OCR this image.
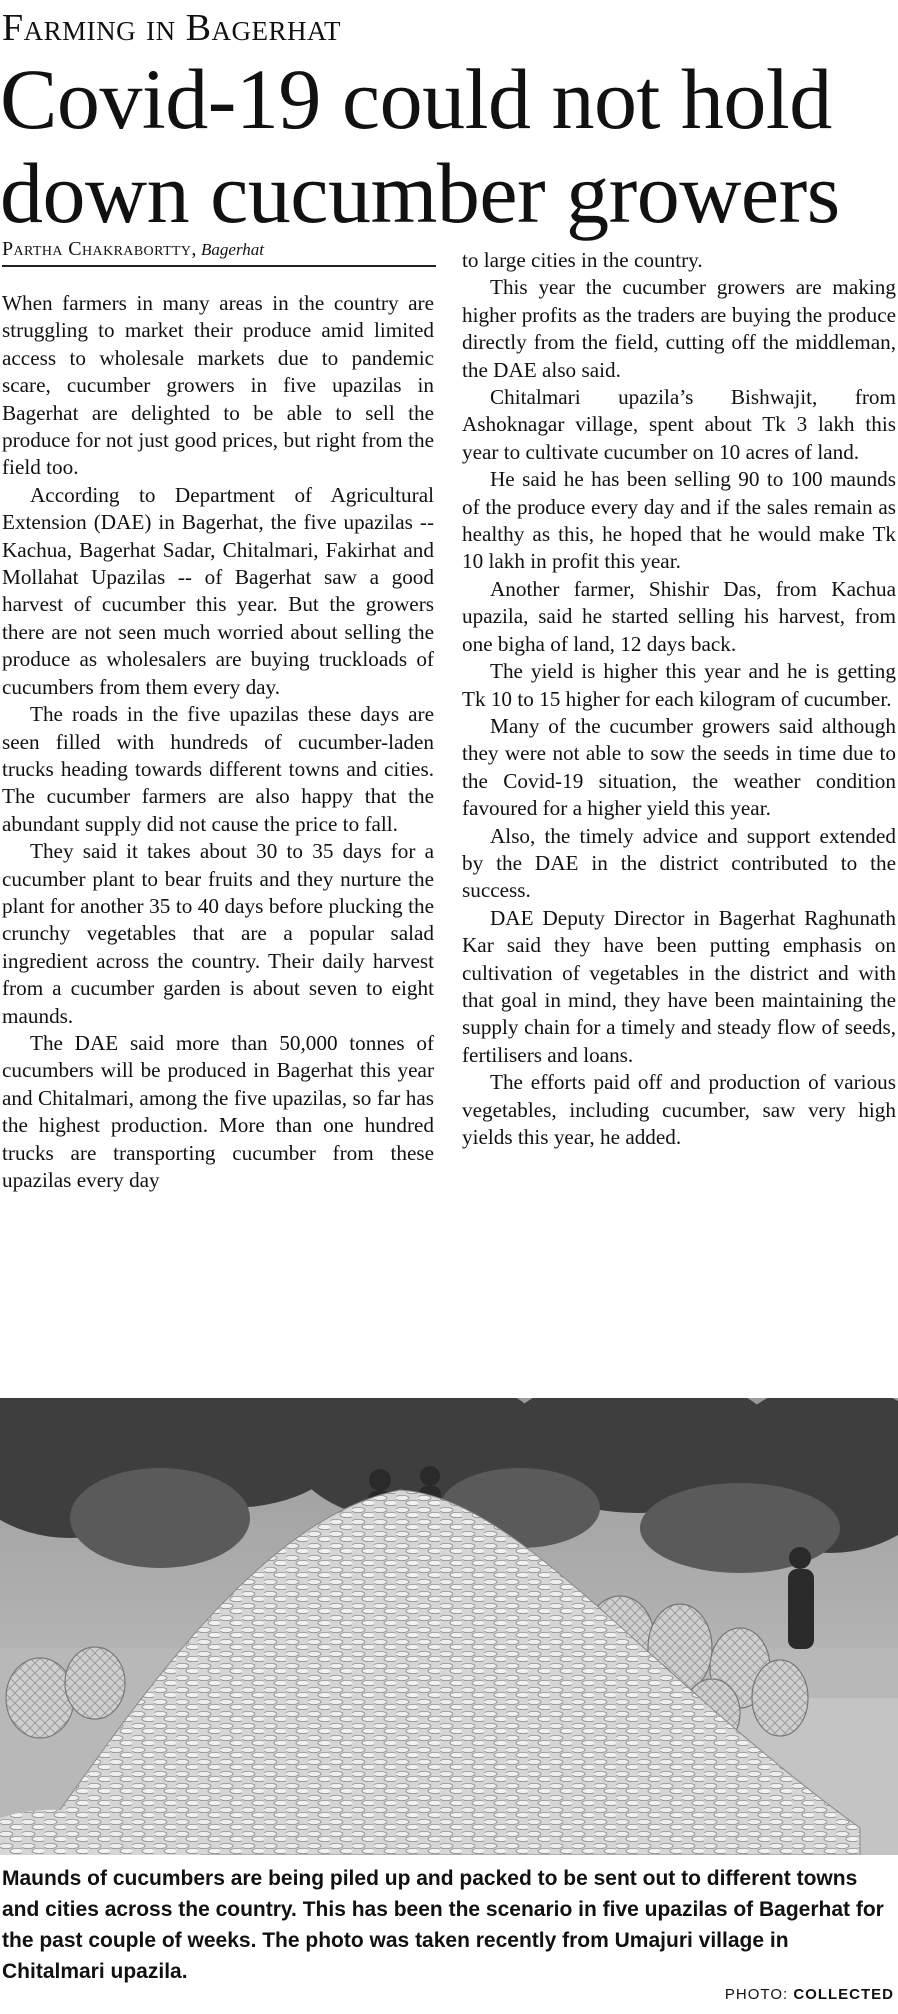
Farming in Bagerhat
Covid-19 could not hold down cucumber growers
Partha Chakrabortty, Bagerhat

When farmers in many areas in the country are struggling to market their produce amid limited access to wholesale markets due to pandemic scare, cucumber growers in five upazilas in Bagerhat are delighted to be able to sell the produce for not just good prices, but right from the field too.

According to Department of Agricultural Extension (DAE) in Bagerhat, the five upazilas -- Kachua, Bagerhat Sadar, Chitalmari, Fakirhat and Mollahat Upazilas -- of Bagerhat saw a good harvest of cucumber this year. But the growers there are not seen much worried about selling the produce as wholesalers are buying truckloads of cucumbers from them every day.

The roads in the five upazilas these days are seen filled with hundreds of cucumber-laden trucks heading towards different towns and cities. The cucumber farmers are also happy that the abundant supply did not cause the price to fall.

They said it takes about 30 to 35 days for a cucumber plant to bear fruits and they nurture the plant for another 35 to 40 days before plucking the crunchy vegetables that are a popular salad ingredient across the country. Their daily harvest from a cucumber garden is about seven to eight maunds.

The DAE said more than 50,000 tonnes of cucumbers will be produced in Bagerhat this year and Chitalmari, among the five upazilas, so far has the highest production. More than one hundred trucks are transporting cucumber from these upazilas every day

to large cities in the country.

This year the cucumber growers are making higher profits as the traders are buying the produce directly from the field, cutting off the middleman, the DAE also said.

Chitalmari upazila’s Bishwajit, from Ashoknagar village, spent about Tk 3 lakh this year to cultivate cucumber on 10 acres of land.

He said he has been selling 90 to 100 maunds of the produce every day and if the sales remain as healthy as this, he hoped that he would make Tk 10 lakh in profit this year.

Another farmer, Shishir Das, from Kachua upazila, said he started selling his harvest, from one bigha of land, 12 days back.

The yield is higher this year and he is getting Tk 10 to 15 higher for each kilogram of cucumber.

Many of the cucumber growers said although they were not able to sow the seeds in time due to the Covid-19 situation, the weather condition favoured for a higher yield this year.

Also, the timely advice and support extended by the DAE in the district contributed to the success.

DAE Deputy Director in Bagerhat Raghunath Kar said they have been putting emphasis on cultivation of vegetables in the district and with that goal in mind, they have been maintaining the supply chain for a timely and steady flow of seeds, fertilisers and loans.

The efforts paid off and production of various vegetables, including cucumber, saw very high yields this year, he added.

Maunds of cucumbers are being piled up and packed to be sent out to different towns and cities across the country. This has been the scenario in five upazilas of Bagerhat for the past couple of weeks. The photo was taken recently from Umajuri village in Chitalmari upazila.
PHOTO: COLLECTED
